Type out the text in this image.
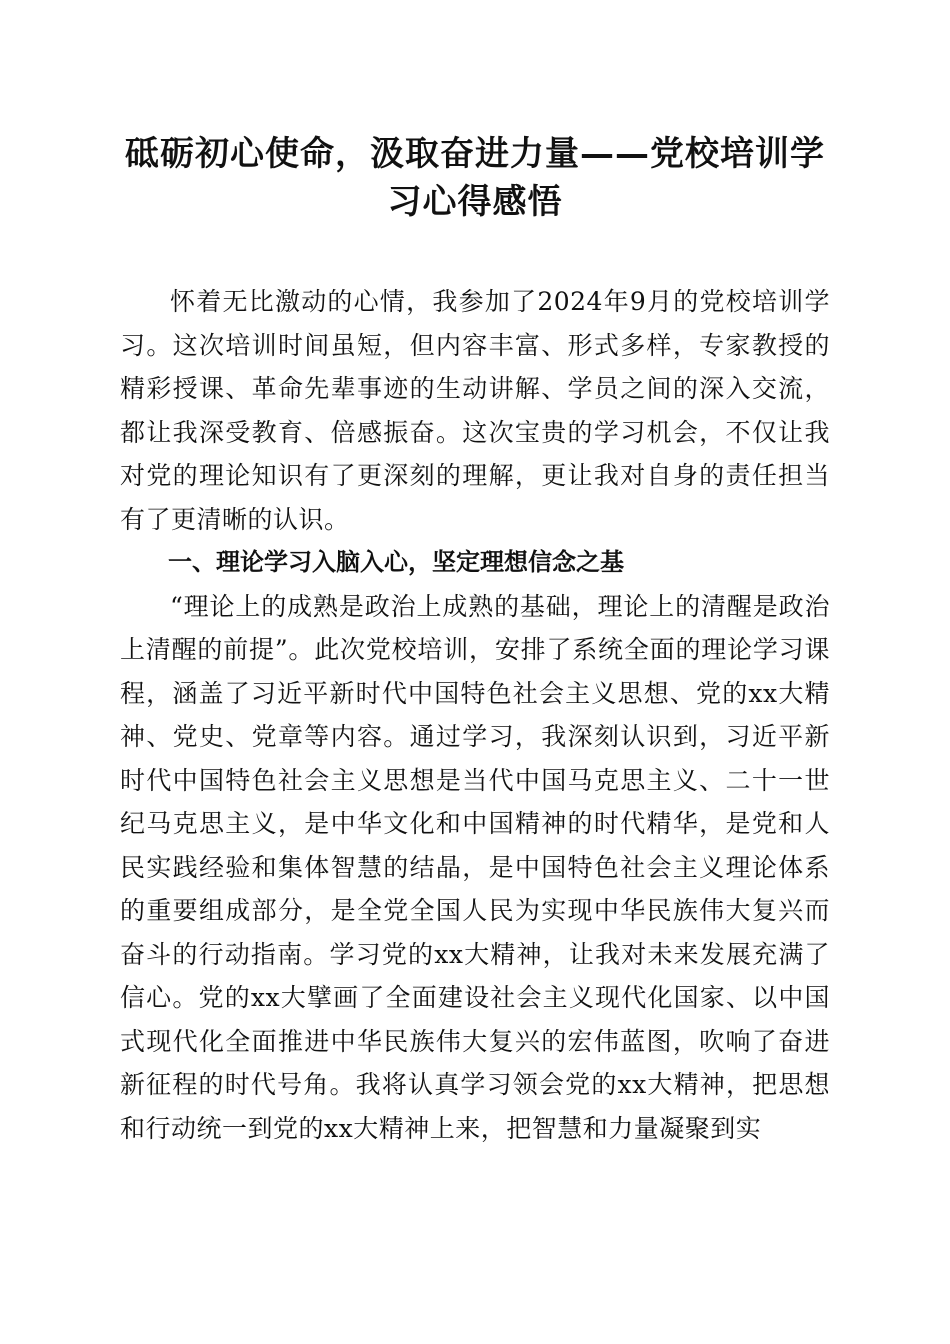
砥砺初心使命，汲取奋进力量——党校培训学习心得感悟

怀着无比激动的心情，我参加了2024年9月的党校培训学习。这次培训时间虽短，但内容丰富、形式多样，专家教授的精彩授课、革命先辈事迹的生动讲解、学员之间的深入交流，都让我深受教育、倍感振奋。这次宝贵的学习机会，不仅让我对党的理论知识有了更深刻的理解，更让我对自身的责任担当有了更清晰的认识。

一、理论学习入脑入心，坚定理想信念之基

“理论上的成熟是政治上成熟的基础，理论上的清醒是政治上清醒的前提”。此次党校培训，安排了系统全面的理论学习课程，涵盖了习近平新时代中国特色社会主义思想、党的xx大精神、党史、党章等内容。通过学习，我深刻认识到，习近平新时代中国特色社会主义思想是当代中国马克思主义、二十一世纪马克思主义，是中华文化和中国精神的时代精华，是党和人民实践经验和集体智慧的结晶，是中国特色社会主义理论体系的重要组成部分，是全党全国人民为实现中华民族伟大复兴而奋斗的行动指南。学习党的xx大精神，让我对未来发展充满了信心。党的xx大擘画了全面建设社会主义现代化国家、以中国式现代化全面推进中华民族伟大复兴的宏伟蓝图，吹响了奋进新征程的时代号角。我将认真学习领会党的xx大精神，把思想和行动统一到党的xx大精神上来，把智慧和力量凝聚到实
